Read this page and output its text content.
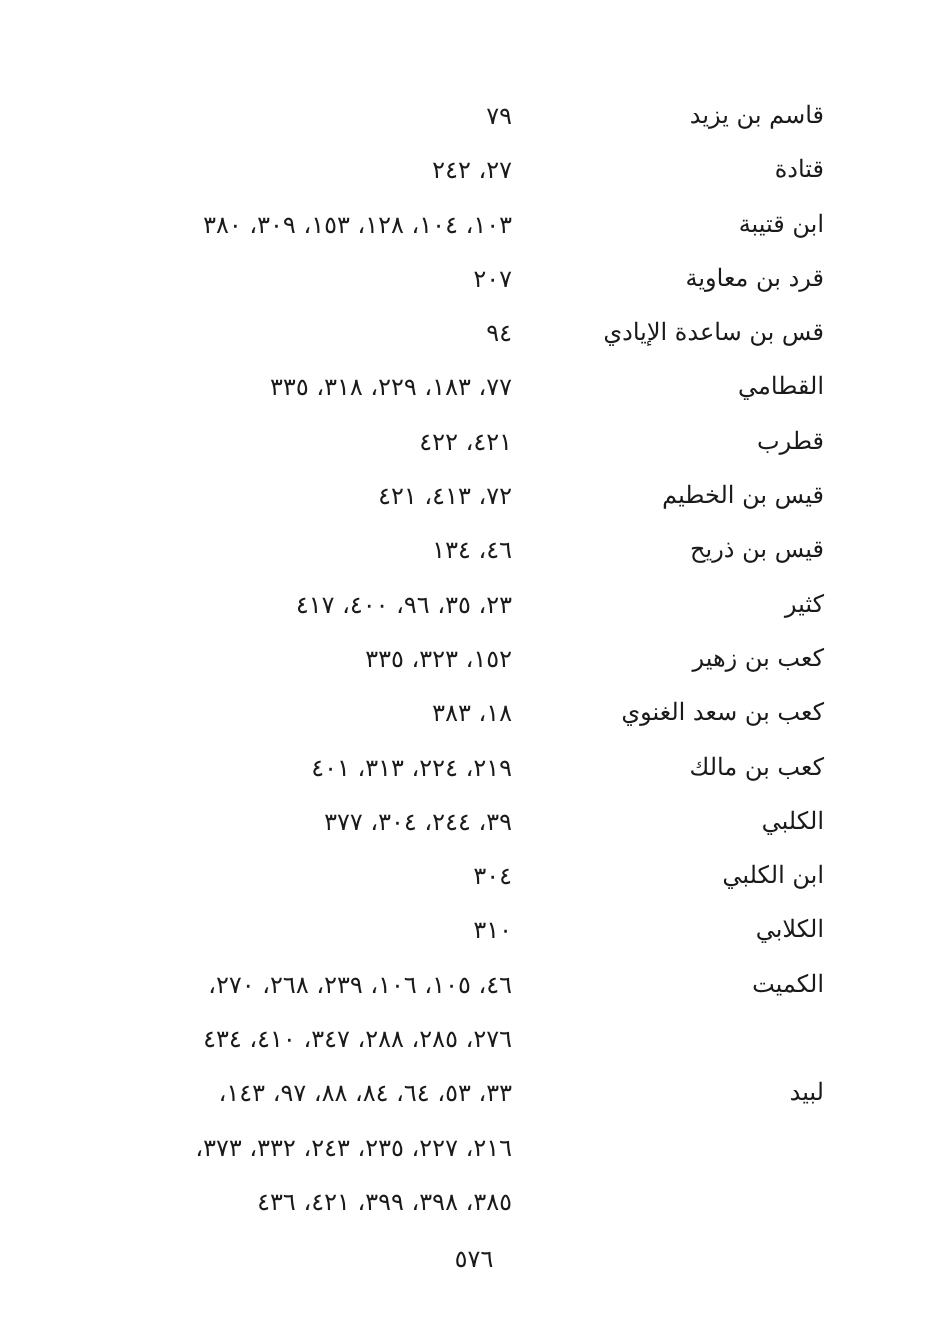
قاسم بن يزيد
٧٩
قتادة
٢٧، ٢٤٢
ابن قتيبة
١٠٣، ١٠٤، ١٢٨، ١٥٣، ٣٠٩، ٣٨٠
قرد بن معاوية
٢٠٧
قس بن ساعدة الإيادي
٩٤
القطامي
٧٧، ١٨٣، ٢٢٩، ٣١٨، ٣٣٥
قطرب
٤٢١، ٤٢٢
قيس بن الخطيم
٧٢، ٤١٣، ٤٢١
قيس بن ذريح
٤٦، ١٣٤
كثير
٢٣، ٣٥، ٩٦، ٤٠٠، ٤١٧
كعب بن زهير
١٥٢، ٣٢٣، ٣٣٥
كعب بن سعد الغنوي
١٨، ٣٨٣
كعب بن مالك
٢١٩، ٢٢٤، ٣١٣، ٤٠١
الكلبي
٣٩، ٢٤٤، ٣٠٤، ٣٧٧
ابن الكلبي
٣٠٤
الكلابي
٣١٠
الكميت
٤٦، ١٠٥، ١٠٦، ٢٣٩، ٢٦٨، ٢٧٠،
٢٧٦، ٢٨٥، ٢٨٨، ٣٤٧، ٤١٠، ٤٣٤
لبيد
٣٣، ٥٣، ٦٤، ٨٤، ٨٨، ٩٧، ١٤٣،
٢١٦، ٢٢٧، ٢٣٥، ٢٤٣، ٣٣٢، ٣٧٣،
٣٨٥، ٣٩٨، ٣٩٩، ٤٢١، ٤٣٦
٥٧٦
